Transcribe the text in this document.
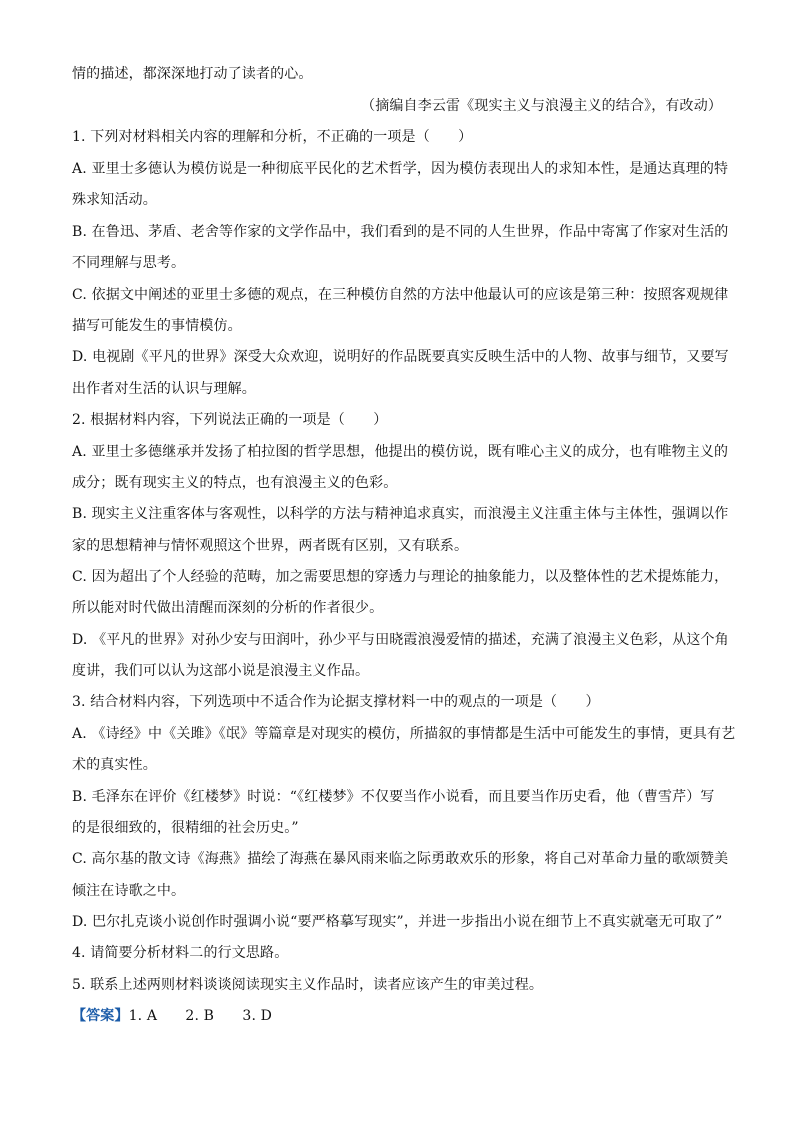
情的描述，都深深地打动了读者的心。
（摘编自李云雷《现实主义与浪漫主义的结合》，有改动）
1. 下列对材料相关内容的理解和分析，不正确的一项是（　　）
A. 亚里士多德认为模仿说是一种彻底平民化的艺术哲学，因为模仿表现出人的求知本性，是通达真理的特
殊求知活动。
B. 在鲁迅、茅盾、老舍等作家的文学作品中，我们看到的是不同的人生世界，作品中寄寓了作家对生活的
不同理解与思考。
C. 依据文中阐述的亚里士多德的观点，在三种模仿自然的方法中他最认可的应该是第三种：按照客观规律
描写可能发生的事情模仿。
D. 电视剧《平凡的世界》深受大众欢迎，说明好的作品既要真实反映生活中的人物、故事与细节，又要写
出作者对生活的认识与理解。
2. 根据材料内容，下列说法正确的一项是（　　）
A. 亚里士多德继承并发扬了柏拉图的哲学思想，他提出的模仿说，既有唯心主义的成分，也有唯物主义的
成分；既有现实主义的特点，也有浪漫主义的色彩。
B. 现实主义注重客体与客观性，以科学的方法与精神追求真实，而浪漫主义注重主体与主体性，强调以作
家的思想精神与情怀观照这个世界，两者既有区别，又有联系。
C. 因为超出了个人经验的范畴，加之需要思想的穿透力与理论的抽象能力，以及整体性的艺术提炼能力，
所以能对时代做出清醒而深刻的分析的作者很少。
D. 《平凡的世界》对孙少安与田润叶，孙少平与田晓霞浪漫爱情的描述，充满了浪漫主义色彩，从这个角
度讲，我们可以认为这部小说是浪漫主义作品。
3. 结合材料内容，下列选项中不适合作为论据支撑材料一中的观点的一项是（　　）
A. 《诗经》中《关雎》《氓》等篇章是对现实的模仿，所描叙的事情都是生活中可能发生的事情，更具有艺
术的真实性。
B. 毛泽东在评价《红楼梦》时说：“《红楼梦》不仅要当作小说看，而且要当作历史看，他（曹雪芹）写
的是很细致的，很精细的社会历史。”
C. 高尔基的散文诗《海燕》描绘了海燕在暴风雨来临之际勇敢欢乐的形象，将自己对革命力量的歌颂赞美
倾注在诗歌之中。
D. 巴尔扎克谈小说创作时强调小说“要严格摹写现实”，并进一步指出小说在细节上不真实就毫无可取了”
4. 请简要分析材料二的行文思路。
5. 联系上述两则材料谈谈阅读现实主义作品时，读者应该产生的审美过程。
【答案】1. A　　2. B　　3. D
